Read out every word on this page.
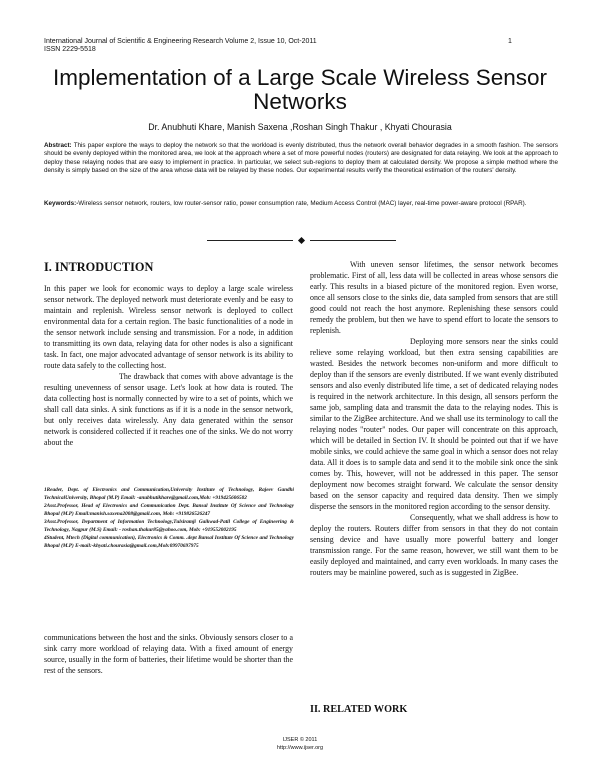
International Journal of Scientific & Engineering Research Volume 2, Issue 10, Oct-2011
ISSN 2229-5518
1
Implementation of a Large Scale Wireless Sensor Networks
Dr. Anubhuti Khare, Manish Saxena ,Roshan Singh Thakur , Khyati Chourasia
Abstract: This paper explore the ways to deploy the network so that the workload is evenly distributed, thus the network overall behavior degrades in a smooth fashion. The sensors should be evenly deployed within the monitored area, we look at the approach where a set of more powerful nodes (routers) are designated for data relaying. We look at the approach to deploy these relaying nodes that are easy to implement in practice. In particular, we select sub-regions to deploy them at calculated density. We propose a simple method where the density is simply based on the size of the area whose data will be relayed by these nodes. Our experimental results verify the theoretical estimation of the routers' density.
Keywords:-Wireless sensor network, routers, low router-sensor ratio, power consumption rate, Medium Access Control (MAC) layer, real-time power-aware protocol (RPAR).
I. INTRODUCTION

In this paper we look for economic ways to deploy a large scale wireless sensor network. The deployed network must deteriorate evenly and be easy to maintain and replenish. Wireless sensor network is deployed to collect environmental data for a certain region. The basic functionalities of a node in the sensor network include sensing and transmission. For a node, in addition to transmitting its own data, relaying data for other nodes is also a significant task. In fact, one major advocated advantage of sensor network is its ability to route data safely to the collecting host.

The drawback that comes with above advantage is the resulting unevenness of sensor usage. Let's look at how data is routed. The data collecting host is normally connected by wire to a set of points, which we shall call data sinks. A sink functions as if it is a node in the sensor network, but only receives data wirelessly. Any data generated within the sensor network is considered collected if it reaches one of the sinks. We do not worry about the

1Reader, Dept. of Electronics and Communication,University Institute of Technology, Rajeev Gandhi TechnicalUniversity, Bhopal (M.P) Email: -anubhutikhare@gmail.com,Mob: +919425606502

2Asst.Professor, Head of Electronics and Communication Dept. Bansal Institute Of Science and Technology Bhopal (M.P) Email:manish.saxena2008@gmail.com, Mob: +919826526247

3Asst.Professor, Department of Information Technology,Tulsiramji Gaikwad-Patil College of Engineering & Technology, Nagpur (M.S) Email: - roshan.thakur85@yahoo.com, Mob: +919552002195

4Student, Mtech (Digital communication), Electronics & Comm. .dept Bansal Institute Of Science and Technology Bhopal (M.P) E-mail:-khyati.chourasia@gmail.com,Mob:09970697975

communications between the host and the sinks. Obviously sensors closer to a sink carry more workload of relaying data. With a fixed amount of energy source, usually in the form of batteries, their lifetime would be shorter than the rest of the sensors.

With uneven sensor lifetimes, the sensor network becomes problematic. First of all, less data will be collected in areas whose sensors die early. This results in a biased picture of the monitored region. Even worse, once all sensors close to the sinks die, data sampled from sensors that are still good could not reach the host anymore. Replenishing these sensors could remedy the problem, but then we have to spend effort to locate the sensors to replenish.

Deploying more sensors near the sinks could relieve some relaying workload, but then extra sensing capabilities are wasted. Besides the network becomes non-uniform and more difficult to deploy than if the sensors are evenly distributed. If we want evenly distributed sensors and also evenly distributed life time, a set of dedicated relaying nodes is required in the network architecture. In this design, all sensors perform the same job, sampling data and transmit the data to the relaying nodes. This is similar to the ZigBee architecture. And we shall use its terminology to call the relaying nodes "router" nodes. Our paper will concentrate on this approach, which will be detailed in Section IV. It should be pointed out that if we have mobile sinks, we could achieve the same goal in which a sensor does not relay data. All it does is to sample data and send it to the mobile sink once the sink comes by. This, however, will not be addressed in this paper. The sensor deployment now becomes straight forward. We calculate the sensor density based on the sensor capacity and required data density. Then we simply disperse the sensors in the monitored region according to the sensor density.

Consequently, what we shall address is how to deploy the routers. Routers differ from sensors in that they do not contain sensing device and have usually more powerful battery and longer transmission range. For the same reason, however, we still want them to be easily deployed and maintained, and carry even workloads. In many cases the routers may be mainline powered, such as is suggested in ZigBee.

II. RELATED WORK
IJSER © 2011
http://www.ijser.org
